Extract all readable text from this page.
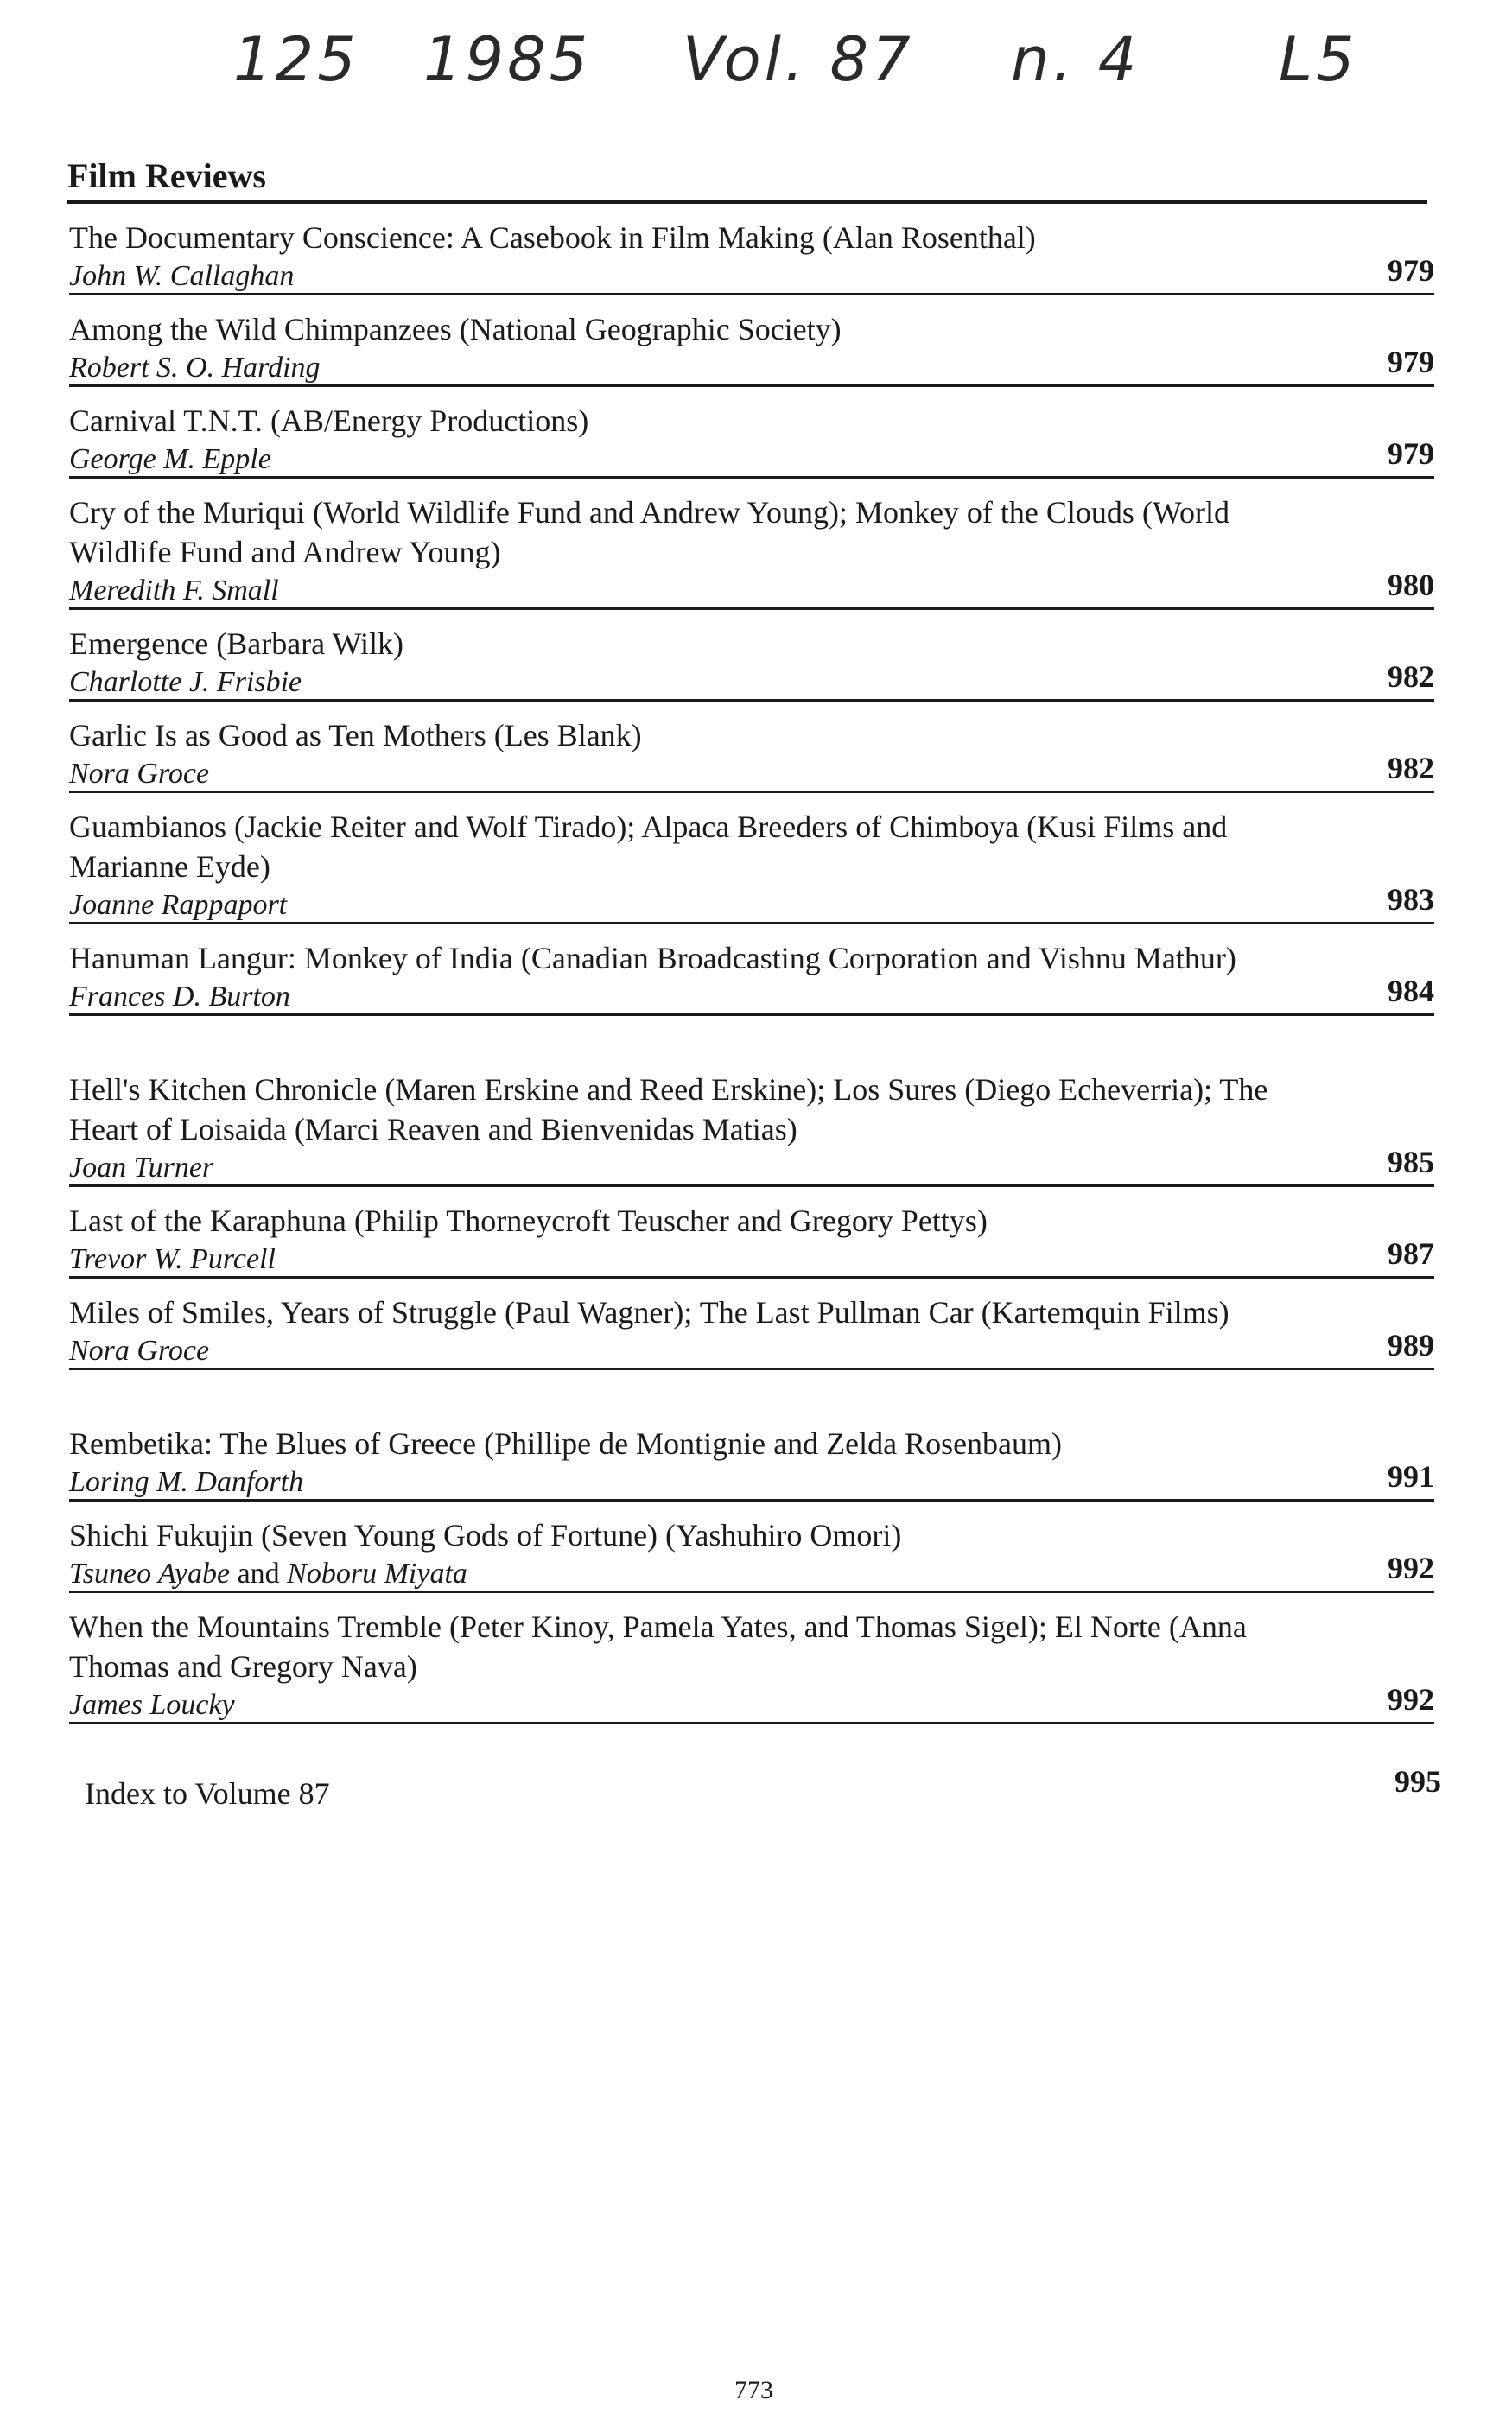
125 1985 Vol. 87 n. 4 L5
Film Reviews
The Documentary Conscience: A Casebook in Film Making (Alan Rosenthal)
John W. Callaghan	979
Among the Wild Chimpanzees (National Geographic Society)
Robert S. O. Harding	979
Carnival T.N.T. (AB/Energy Productions)
George M. Epple	979
Cry of the Muriqui (World Wildlife Fund and Andrew Young); Monkey of the Clouds (World Wildlife Fund and Andrew Young)
Meredith F. Small	980
Emergence (Barbara Wilk)
Charlotte J. Frisbie	982
Garlic Is as Good as Ten Mothers (Les Blank)
Nora Groce	982
Guambianos (Jackie Reiter and Wolf Tirado); Alpaca Breeders of Chimboya (Kusi Films and Marianne Eyde)
Joanne Rappaport	983
Hanuman Langur: Monkey of India (Canadian Broadcasting Corporation and Vishnu Mathur)
Frances D. Burton	984
Hell's Kitchen Chronicle (Maren Erskine and Reed Erskine); Los Sures (Diego Echeverria); The Heart of Loisaida (Marci Reaven and Bienvenidas Matias)
Joan Turner	985
Last of the Karaphuna (Philip Thorneycroft Teuscher and Gregory Pettys)
Trevor W. Purcell	987
Miles of Smiles, Years of Struggle (Paul Wagner); The Last Pullman Car (Kartemquin Films)
Nora Groce	989
Rembetika: The Blues of Greece (Phillipe de Montignie and Zelda Rosenbaum)
Loring M. Danforth	991
Shichi Fukujin (Seven Young Gods of Fortune) (Yashuhiro Omori)
Tsuneo Ayabe and Noboru Miyata	992
When the Mountains Tremble (Peter Kinoy, Pamela Yates, and Thomas Sigel); El Norte (Anna Thomas and Gregory Nava)
James Loucky	992
Index to Volume 87	995
773
